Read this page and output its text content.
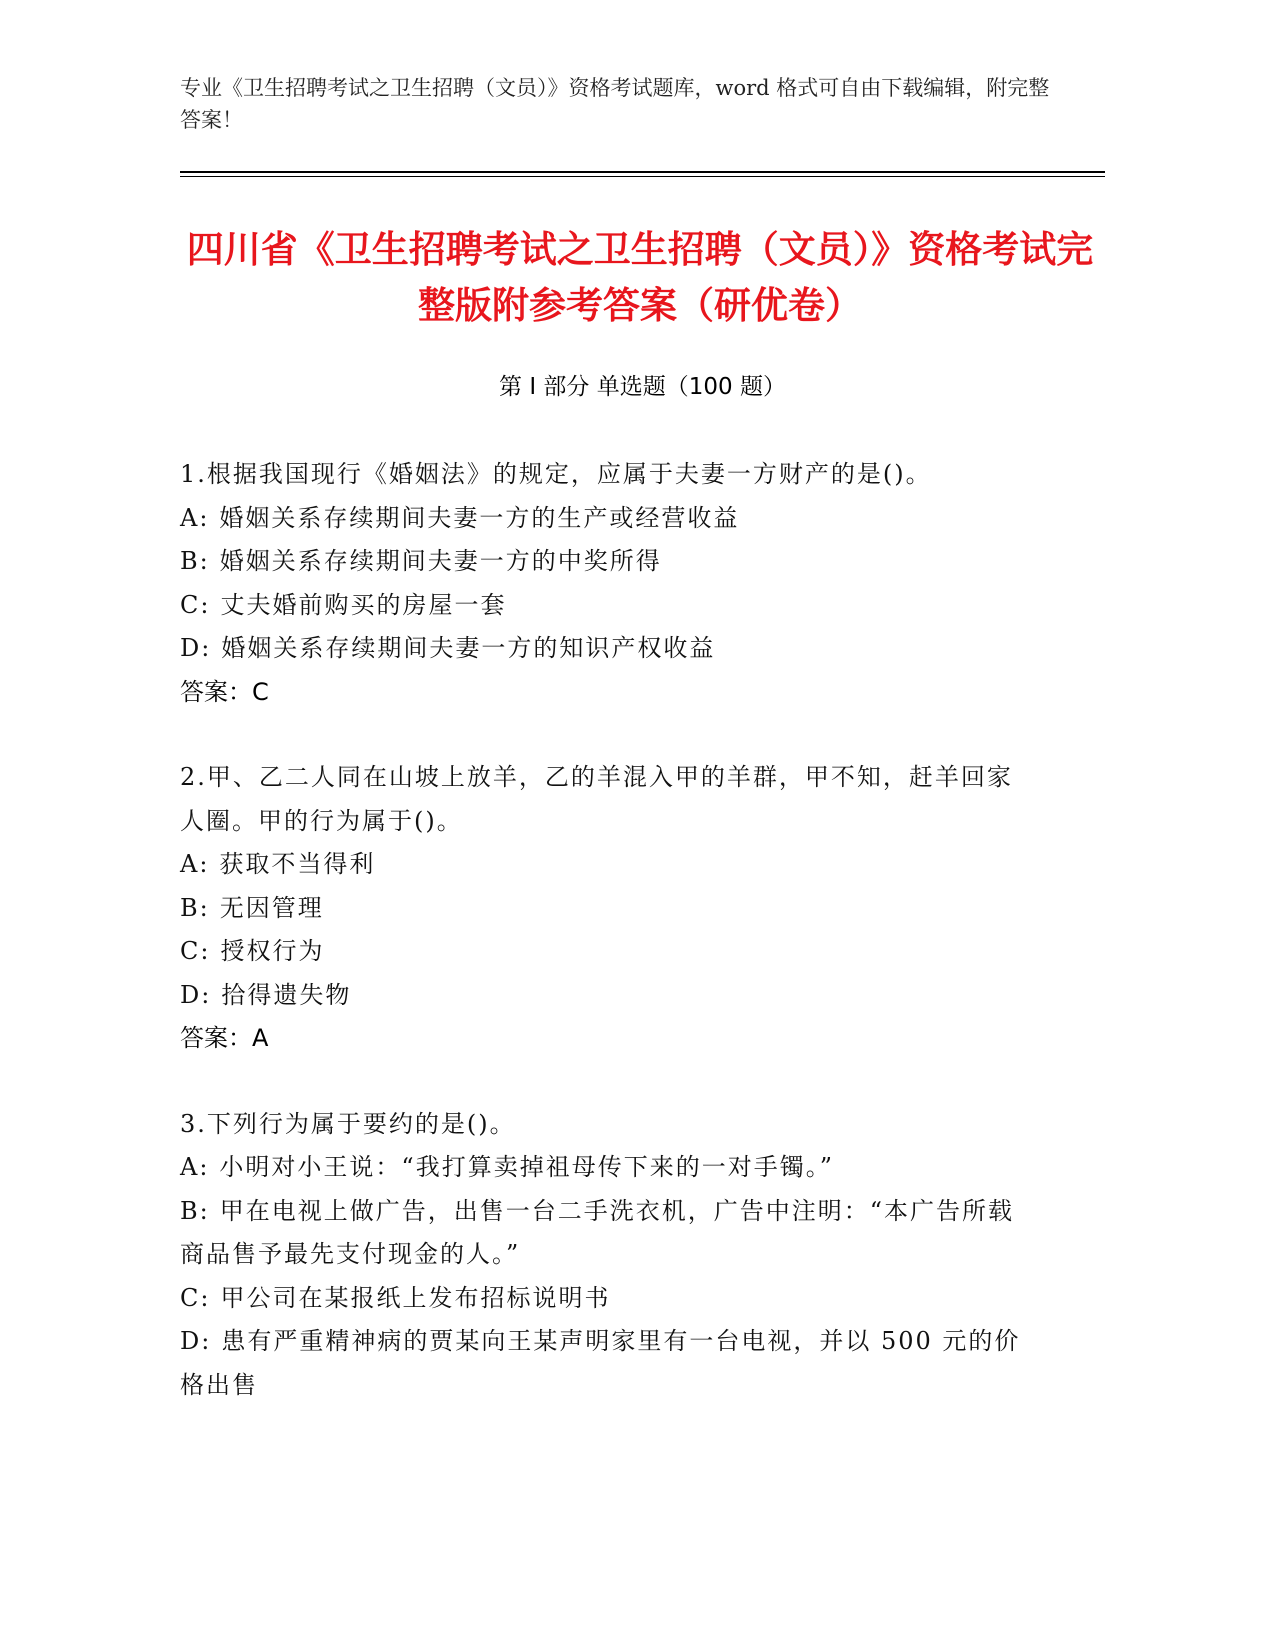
专业《卫生招聘考试之卫生招聘（文员）》资格考试题库，word 格式可自由下载编辑，附完整答案！
四川省《卫生招聘考试之卫生招聘（文员）》资格考试完整版附参考答案（研优卷）
第 I 部分 单选题（100 题）
1.根据我国现行《婚姻法》的规定，应属于夫妻一方财产的是()。
A: 婚姻关系存续期间夫妻一方的生产或经营收益
B: 婚姻关系存续期间夫妻一方的中奖所得
C: 丈夫婚前购买的房屋一套
D: 婚姻关系存续期间夫妻一方的知识产权收益
答案：C
2.甲、乙二人同在山坡上放羊，乙的羊混入甲的羊群，甲不知，赶羊回家人圈。甲的行为属于()。
A: 获取不当得利
B: 无因管理
C: 授权行为
D: 拾得遗失物
答案：A
3.下列行为属于要约的是()。
A: 小明对小王说：“我打算卖掉祖母传下来的一对手镯。”
B: 甲在电视上做广告，出售一台二手洗衣机，广告中注明：“本广告所载商品售予最先支付现金的人。”
C: 甲公司在某报纸上发布招标说明书
D: 患有严重精神病的贾某向王某声明家里有一台电视，并以 500 元的价格出售
